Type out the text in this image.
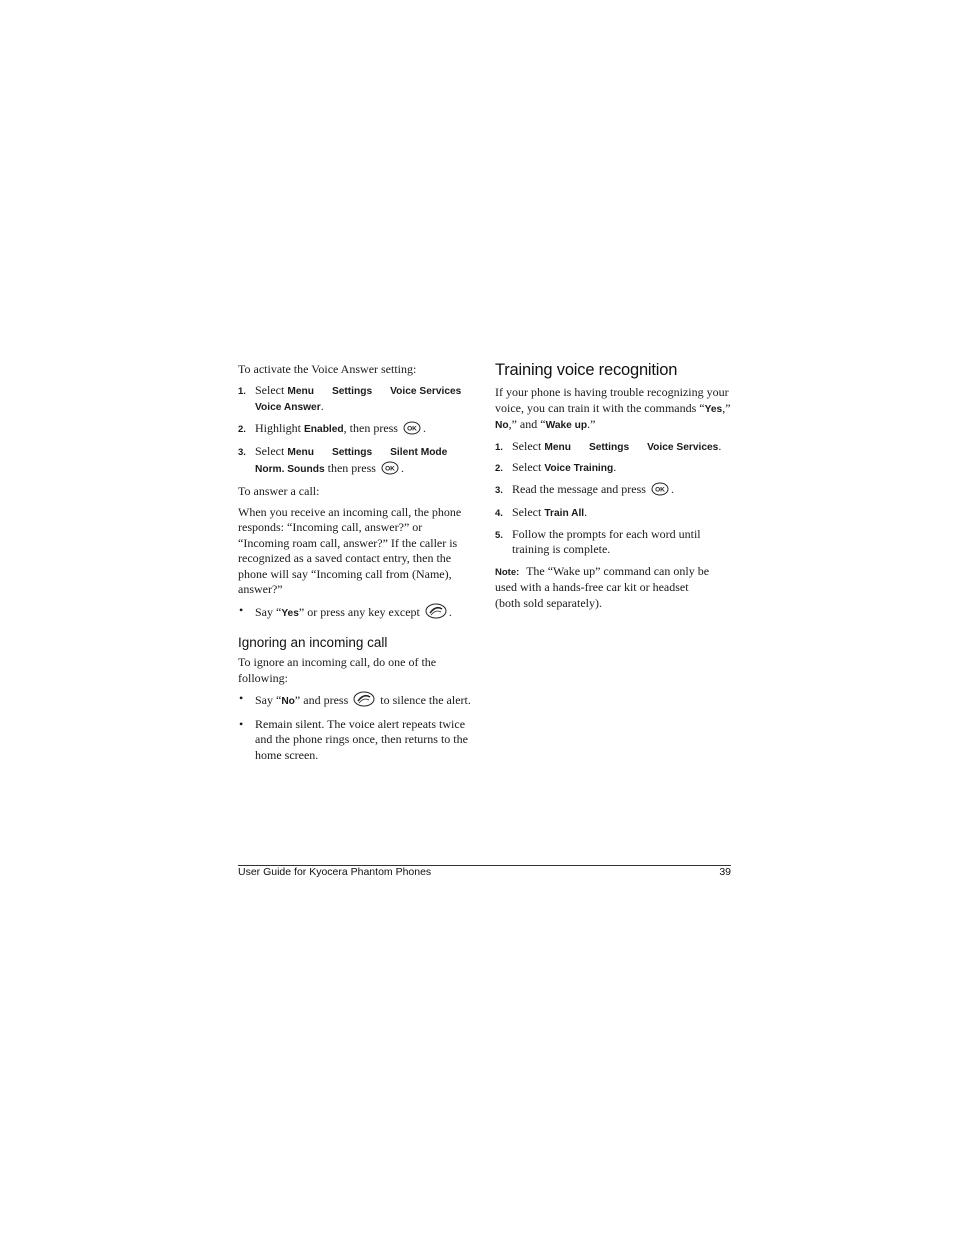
To activate the Voice Answer setting:

1. Select Menu Settings Voice Services
Voice Answer.
2. Highlight Enabled, then press OK .
3. Select Menu Settings Silent Mode
Norm. Sounds then press OK .

To answer a call:

When you receive an incoming call, the phone responds: “Incoming call, answer?” or “Incoming roam call, answer?” If the caller is recognized as a saved contact entry, then the phone will say “Incoming call from (Name), answer?”

• Say “Yes” or press any key except .
Ignoring an incoming call

To ignore an incoming call, do one of the following:

• Say “No” and press	to silence the alert.
• Remain silent. The voice alert repeats twice and the phone rings once, then returns to the home screen.
Training voice recognition

If your phone is having trouble recognizing your voice, you can train it with the commands “Yes,” No,” and “Wake up.”

1. Select Menu Settings Voice Services.
2. Select Voice Training.
3. Read the message and press OK .
4. Select Train All.
5. Follow the prompts for each word until training is complete.

Note: The “Wake up” command can only be used with a hands-free car kit or headset (both sold separately).

User Guide for Kyocera Phantom Phones	39
